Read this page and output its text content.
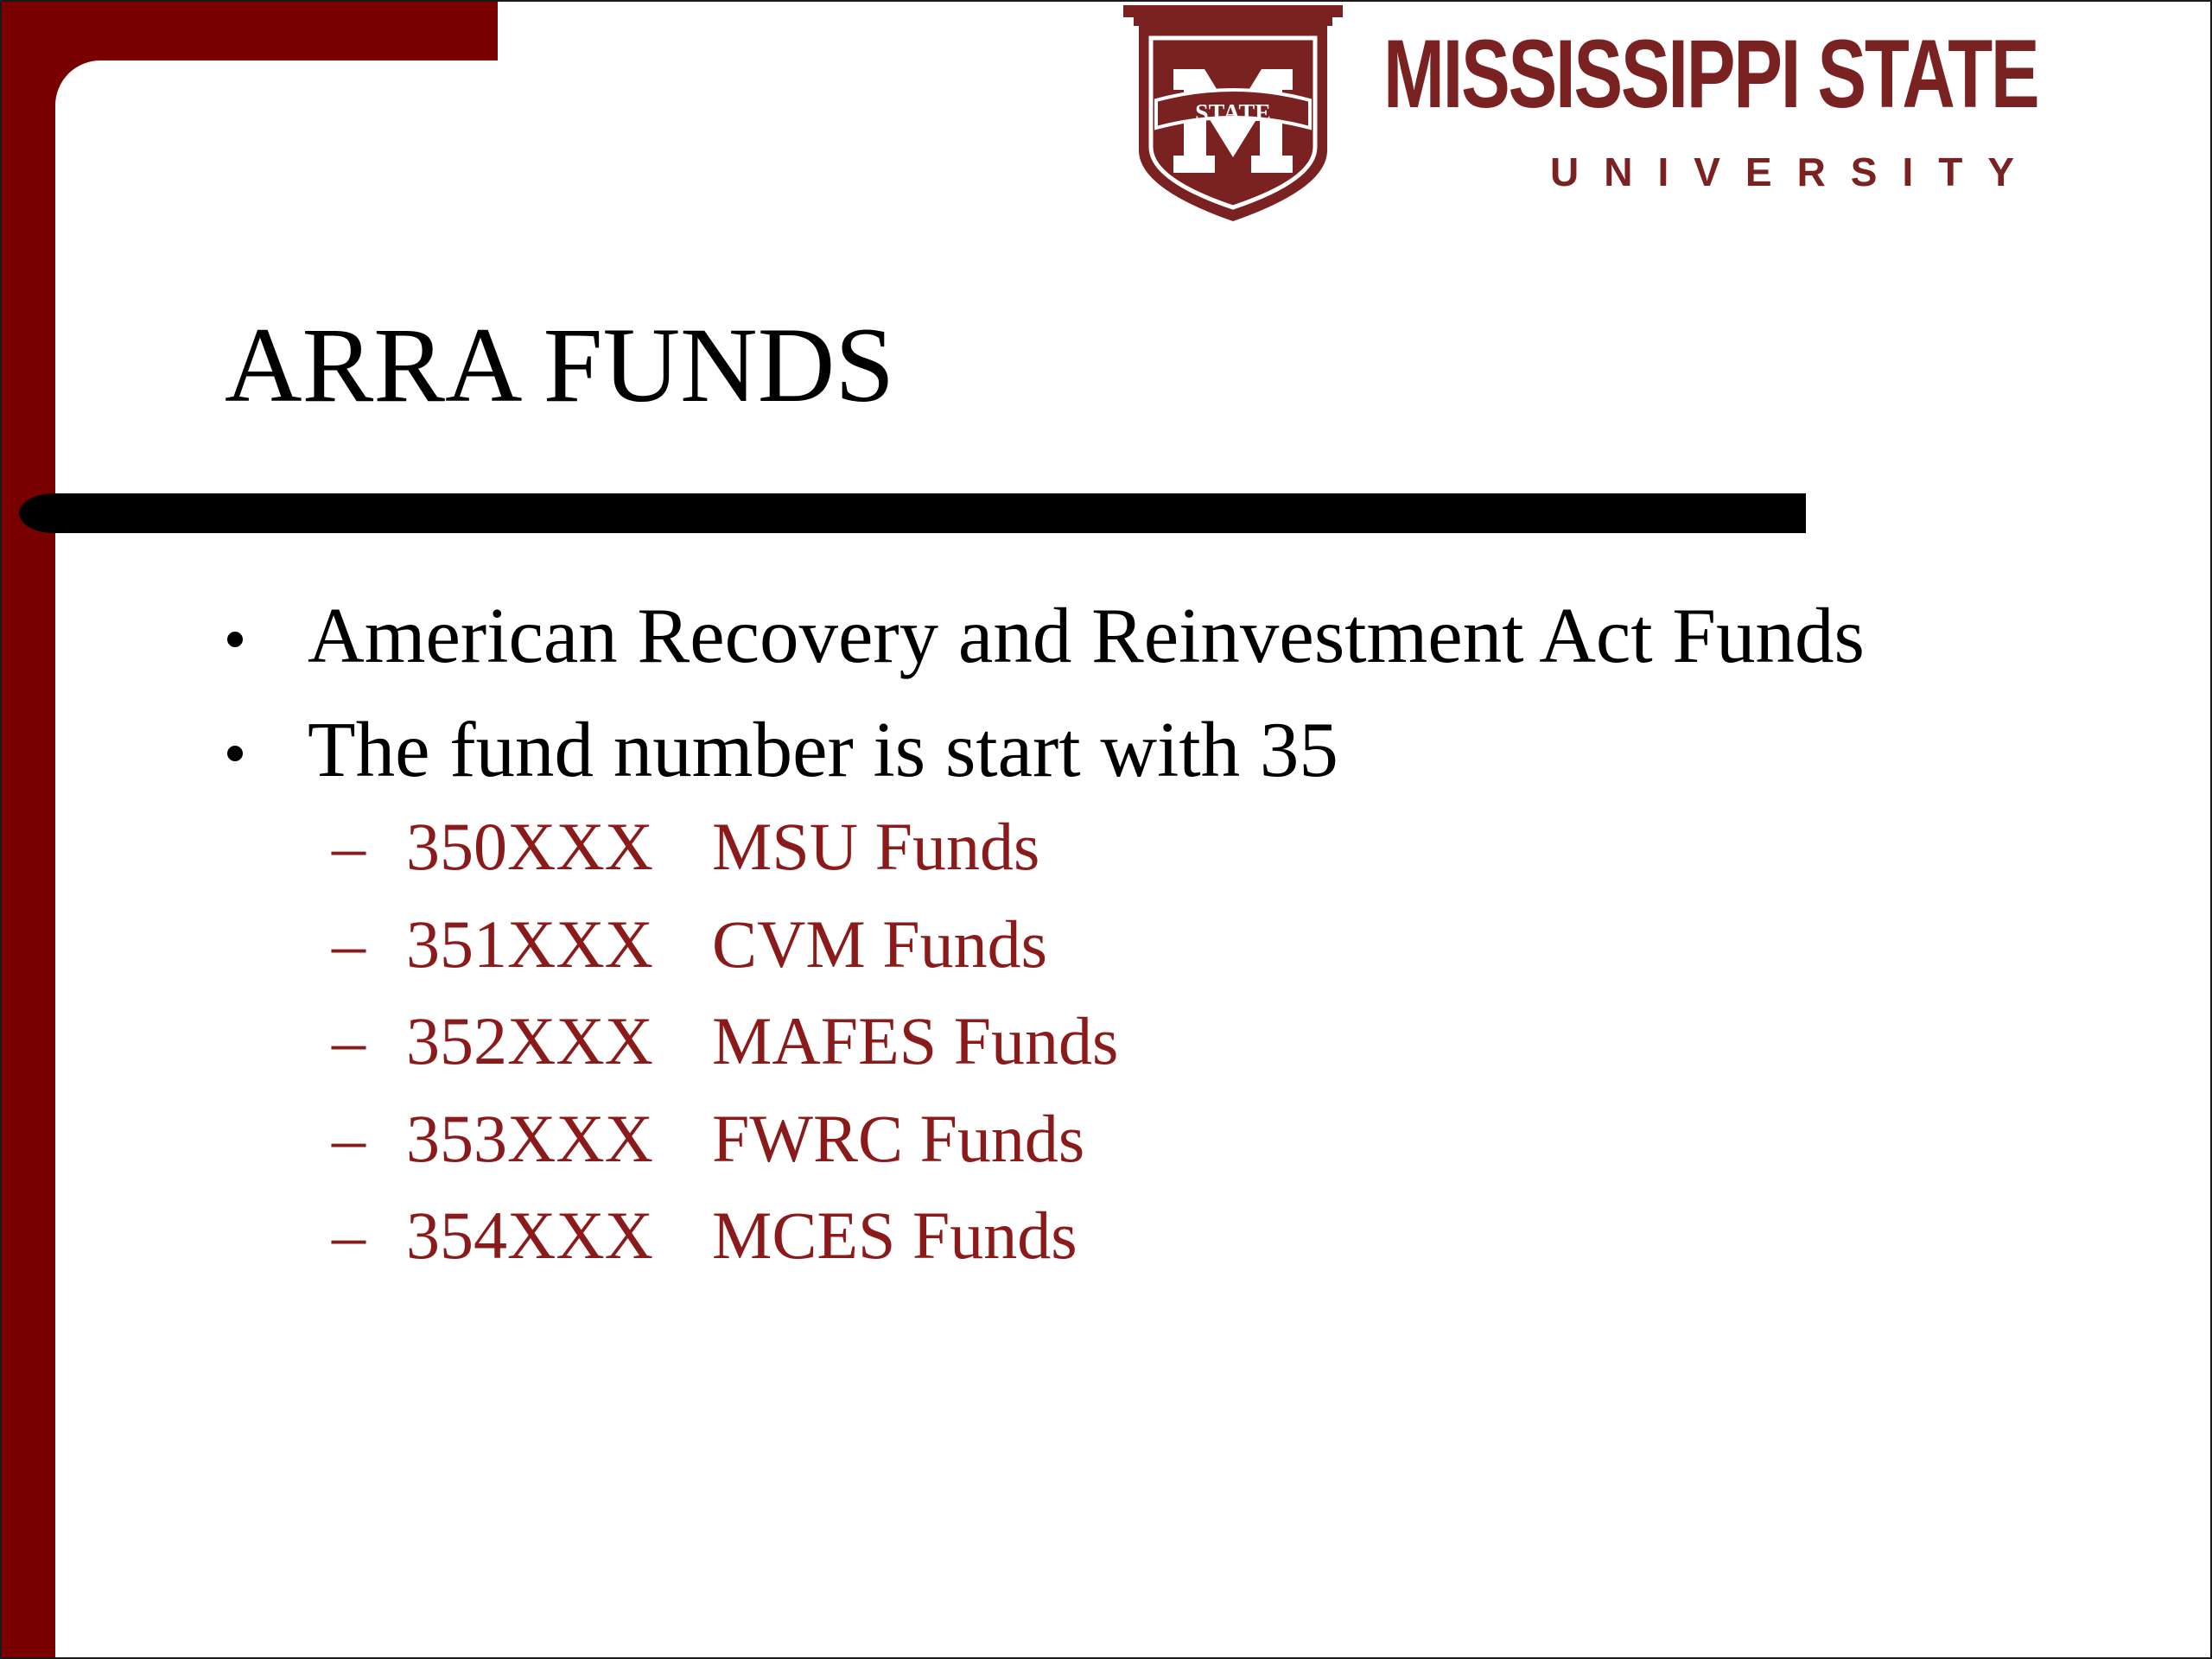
STATE MISSISSIPPI STATE
UNIVERSITY
ARRA FUNDS
American Recovery and Reinvestment Act Funds
The fund number is start with 35
– 350XXX MSU Funds
– 351XXX CVM Funds
– 352XXX MAFES Funds
– 353XXX FWRC Funds
– 354XXX MCES Funds
